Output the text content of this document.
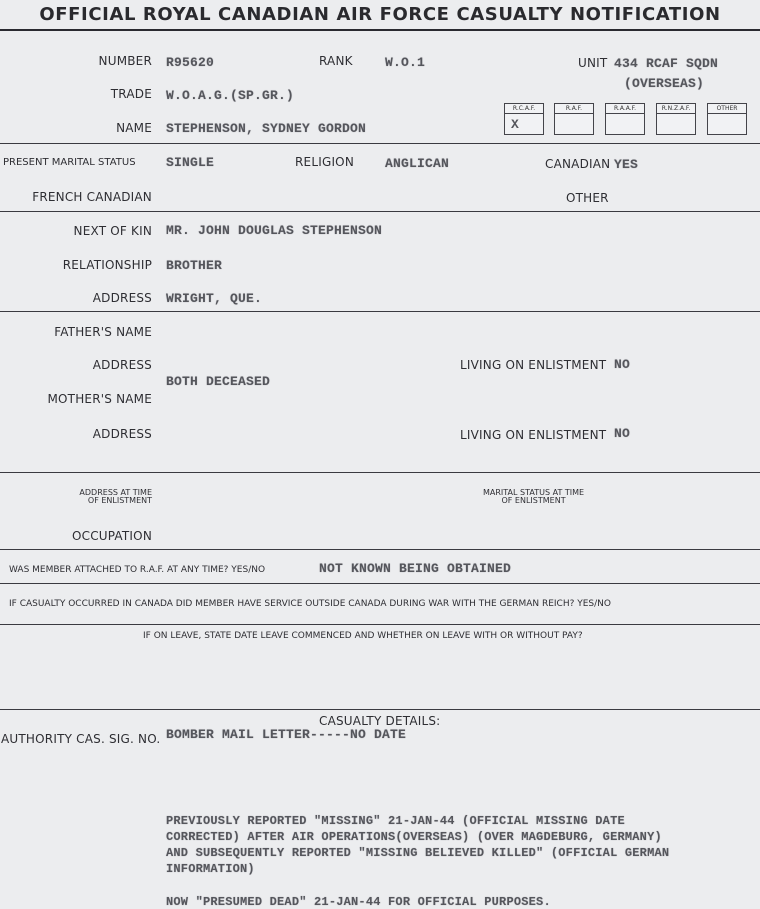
OFFICIAL ROYAL CANADIAN AIR FORCE CASUALTY NOTIFICATION
NUMBER R95620	RANK W.O.1	UNIT 434 RCAF SQDN
(OVERSEAS)
TRADE W.O.A.G.(SP.GR.)
NAME STEPHENSON, SYDNEY GORDON
R.C.A.F.
X
R.A.F.	R.A.A.F.	R.N.Z.A.F.	OTHER
PRESENT MARITAL STATUS SINGLE	RELIGION ANGLICAN	CANADIAN YES
FRENCH CANADIAN	OTHER
NEXT OF KIN MR. JOHN DOUGLAS STEPHENSON
RELATIONSHIP BROTHER
ADDRESS WRIGHT, QUE.
FATHER'S NAME
ADDRESS	LIVING ON ENLISTMENT NO
BOTH DECEASED
MOTHER'S NAME
ADDRESS	LIVING ON ENLISTMENT NO
ADDRESS AT TIME
OF ENLISTMENT
MARITAL STATUS AT TIME
OF ENLISTMENT
OCCUPATION
WAS MEMBER ATTACHED TO R.A.F. AT ANY TIME? YES/NO	NOT KNOWN BEING OBTAINED
IF CASUALTY OCCURRED IN CANADA DID MEMBER HAVE SERVICE OUTSIDE CANADA DURING WAR WITH THE GERMAN REICH? YES/NO
IF ON LEAVE, STATE DATE LEAVE COMMENCED AND WHETHER ON LEAVE WITH OR WITHOUT PAY?
CASUALTY DETAILS:
AUTHORITY CAS. SIG. NO. BOMBER MAIL LETTER-----NO DATE
PREVIOUSLY REPORTED "MISSING" 21-JAN-44 (OFFICIAL MISSING DATE
CORRECTED) AFTER AIR OPERATIONS(OVERSEAS) (OVER MAGDEBURG, GERMANY)
AND SUBSEQUENTLY REPORTED "MISSING BELIEVED KILLED" (OFFICIAL GERMAN
INFORMATION)
NOW "PRESUMED DEAD" 21-JAN-44 FOR OFFICIAL PURPOSES.
